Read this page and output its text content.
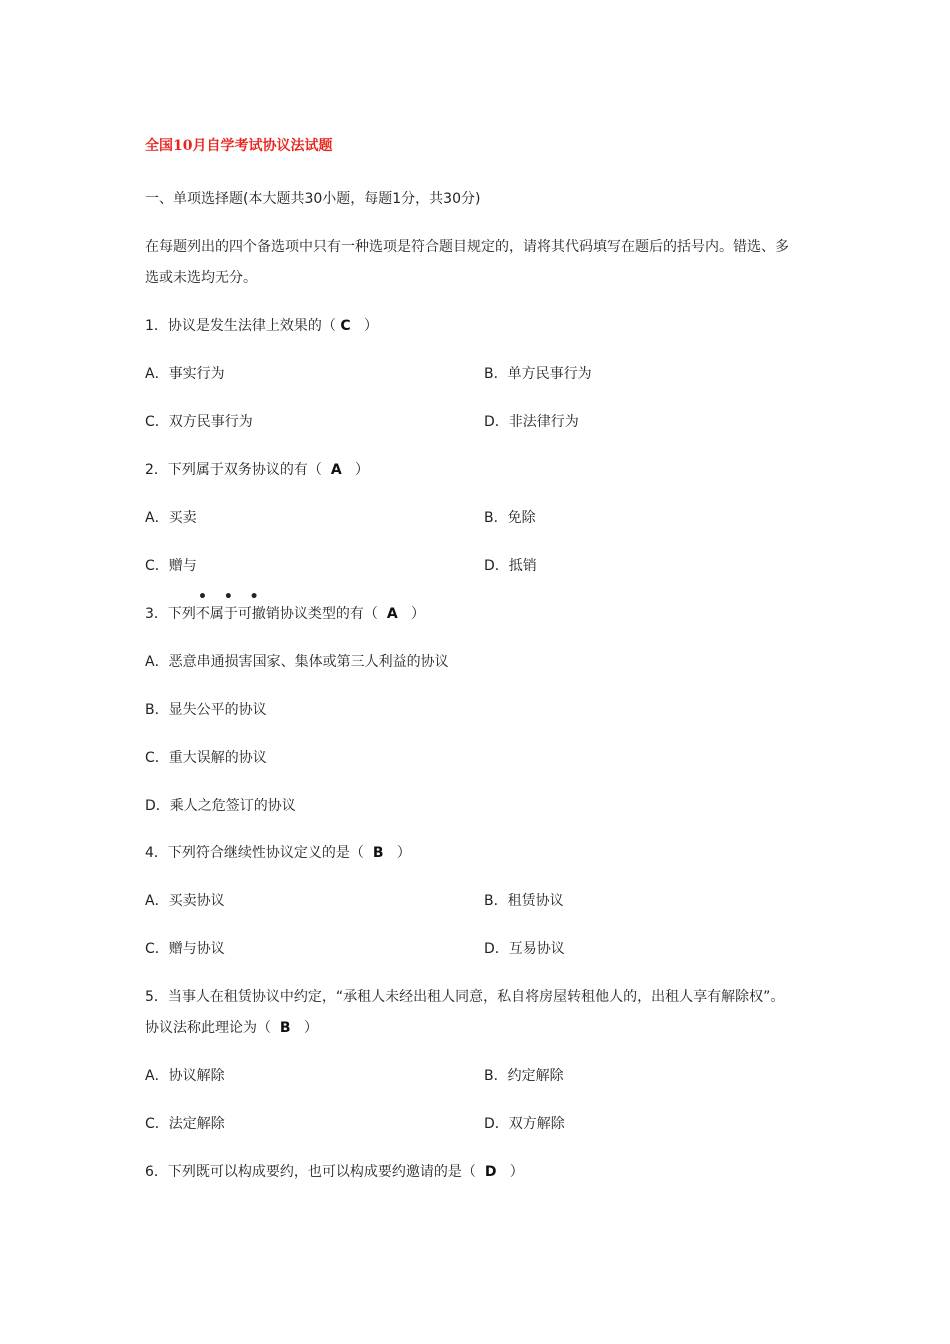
全国10月自学考试协议法试题
一、单项选择题(本大题共30小题，每题1分，共30分)
在每题列出的四个备选项中只有一种选项是符合题目规定的，请将其代码填写在题后的括号内。错选、多
选或未选均无分。
1．协议是发生法律上效果的（ C ）
A．事实行为	B．单方民事行为
C．双方民事行为	D．非法律行为
2．下列属于双务协议的有（ A ）
A．买卖	B．免除
C．赠与	D．抵销
• • •
3．下列不属于可撤销协议类型的有（ A ）
A．恶意串通损害国家、集体或第三人利益的协议
B．显失公平的协议
C．重大误解的协议
D．乘人之危签订的协议
4．下列符合继续性协议定义的是（ B ）
A．买卖协议	B．租赁协议
C．赠与协议	D．互易协议
5．当事人在租赁协议中约定，“承租人未经出租人同意，私自将房屋转租他人的，出租人享有解除权”。
协议法称此理论为（ B ）
A．协议解除	B．约定解除
C．法定解除	D．双方解除
6．下列既可以构成要约，也可以构成要约邀请的是（ D ）
